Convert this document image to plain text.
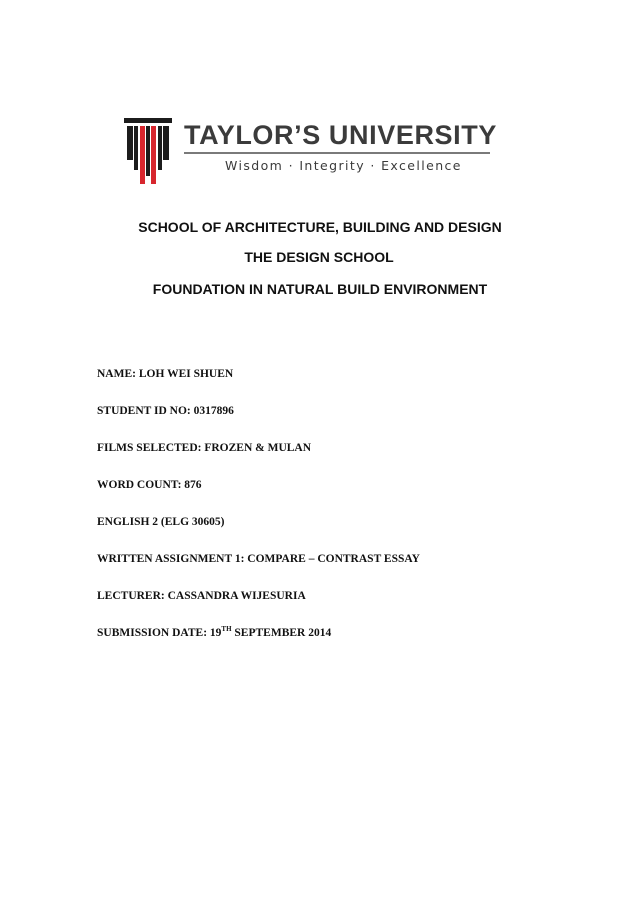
TAYLOR’S UNIVERSITY
Wisdom · Integrity · Excellence
SCHOOL OF ARCHITECTURE, BUILDING AND DESIGN
THE DESIGN SCHOOL
FOUNDATION IN NATURAL BUILD ENVIRONMENT
NAME: LOH WEI SHUEN
STUDENT ID NO: 0317896
FILMS SELECTED: FROZEN & MULAN
WORD COUNT: 876
ENGLISH 2 (ELG 30605)
WRITTEN ASSIGNMENT 1: COMPARE – CONTRAST ESSAY
LECTURER: CASSANDRA WIJESURIA
SUBMISSION DATE: 19TH SEPTEMBER 2014
